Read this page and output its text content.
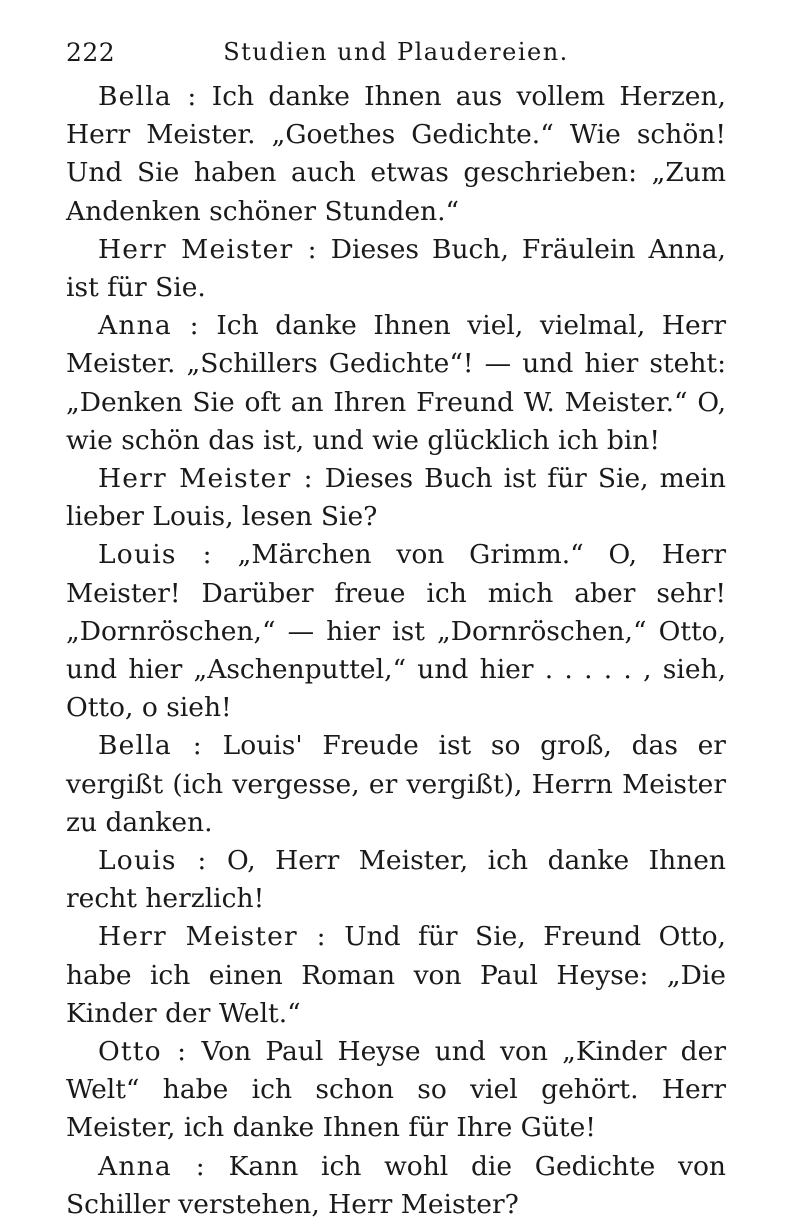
222	Studien und Plaudereien.

Bella : Ich danke Ihnen aus vollem Herzen, Herr Meister. „Goethes Gedichte.“ Wie schön! Und Sie haben auch etwas geschrieben: „Zum Andenken schöner Stunden.“

Herr Meister : Dieses Buch, Fräulein Anna, ist für Sie.

Anna : Ich danke Ihnen viel, vielmal, Herr Meister. „Schillers Gedichte“! — und hier steht: „Denken Sie oft an Ihren Freund W. Meister.“ O, wie schön das ist, und wie glücklich ich bin!

Herr Meister : Dieses Buch ist für Sie, mein lieber Louis, lesen Sie?

Louis : „Märchen von Grimm.“ O, Herr Meister! Darüber freue ich mich aber sehr! „Dornröschen,“ — hier ist „Dornröschen,“ Otto, und hier „Aschenputtel,“ und hier . . . . . , sieh, Otto, o sieh!

Bella : Louis' Freude ist so groß, das er vergißt (ich vergesse, er vergißt), Herrn Meister zu danken.

Louis : O, Herr Meister, ich danke Ihnen recht herzlich!

Herr Meister : Und für Sie, Freund Otto, habe ich einen Roman von Paul Heyse: „Die Kinder der Welt.“

Otto : Von Paul Heyse und von „Kinder der Welt“ habe ich schon so viel gehört. Herr Meister, ich danke Ihnen für Ihre Güte!

Anna : Kann ich wohl die Gedichte von Schiller verstehen, Herr Meister?
